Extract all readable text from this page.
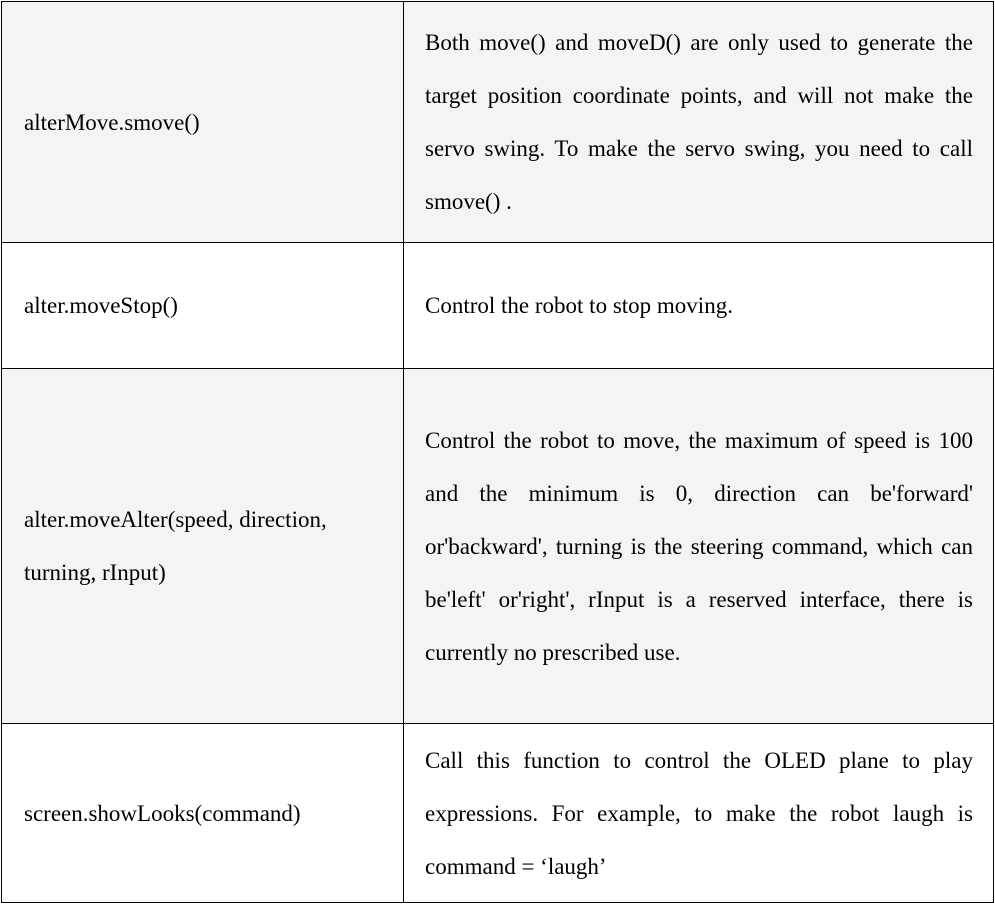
alterMove.smove()	Both move() and moveD() are only used to generate the target position coordinate points, and will not make the servo swing. To make the servo swing, you need to call smove() .
alter.moveStop()	Control the robot to stop moving.
alter.moveAlter(speed, direction, turning, rInput)	Control the robot to move, the maximum of speed is 100 and the minimum is 0, direction can be'forward' or'backward', turning is the steering command, which can be'left' or'right', rInput is a reserved interface, there is currently no prescribed use.
screen.showLooks(command)	Call this function to control the OLED plane to play expressions. For example, to make the robot laugh is command = ‘laugh’
